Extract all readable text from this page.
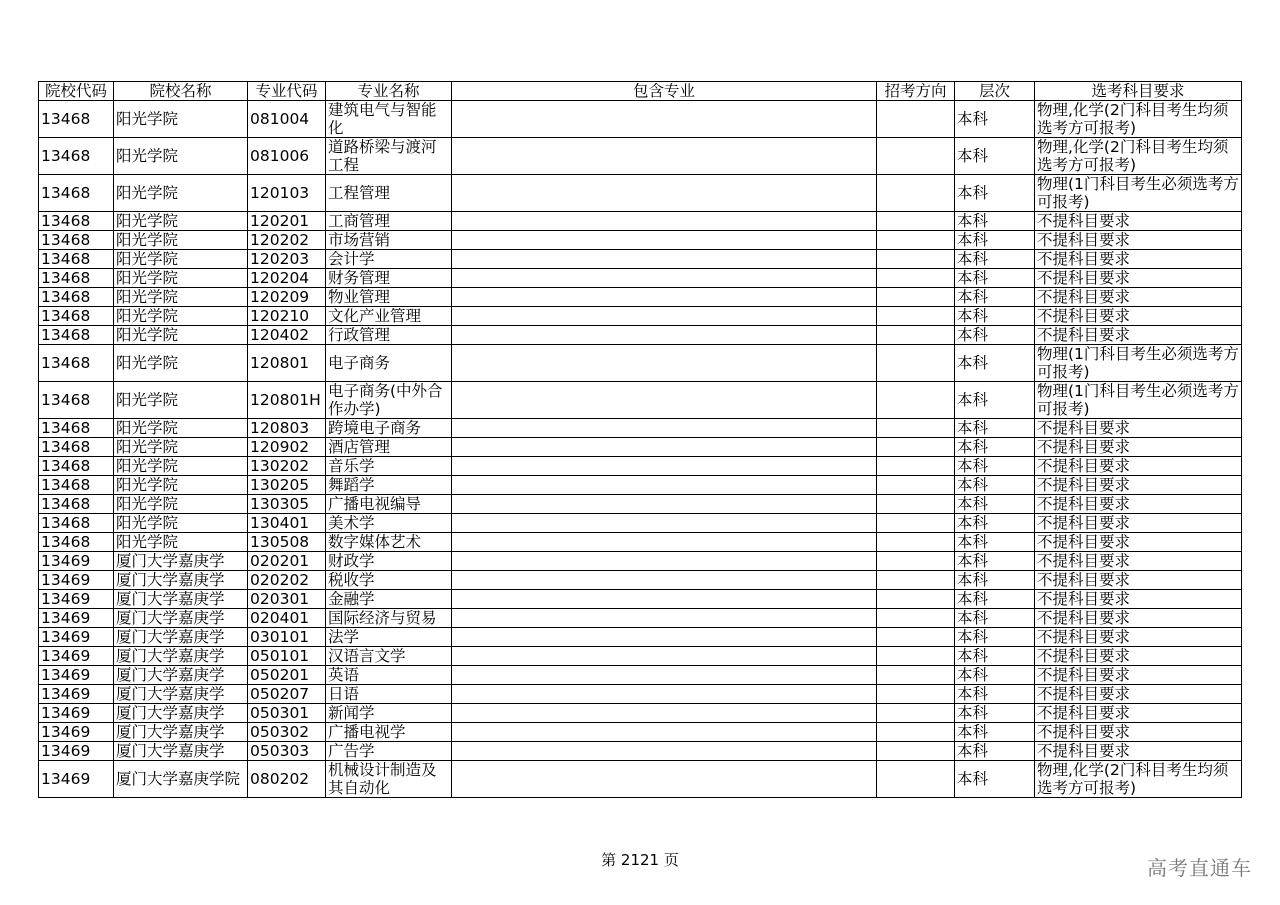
院校代码	院校名称	专业代码	专业名称	包含专业	招考方向	层次	选考科目要求
13468	阳光学院	081004	建筑电气与智能化			本科	物理,化学(2门科目考生均须选考方可报考)
13468	阳光学院	081006	道路桥梁与渡河工程			本科	物理,化学(2门科目考生均须选考方可报考)
13468	阳光学院	120103	工程管理			本科	物理(1门科目考生必须选考方可报考)
13468	阳光学院	120201	工商管理			本科	不提科目要求
13468	阳光学院	120202	市场营销			本科	不提科目要求
13468	阳光学院	120203	会计学			本科	不提科目要求
13468	阳光学院	120204	财务管理			本科	不提科目要求
13468	阳光学院	120209	物业管理			本科	不提科目要求
13468	阳光学院	120210	文化产业管理			本科	不提科目要求
13468	阳光学院	120402	行政管理			本科	不提科目要求
13468	阳光学院	120801	电子商务			本科	物理(1门科目考生必须选考方可报考)
13468	阳光学院	120801H	电子商务(中外合作办学)			本科	物理(1门科目考生必须选考方可报考)
13468	阳光学院	120803	跨境电子商务			本科	不提科目要求
13468	阳光学院	120902	酒店管理			本科	不提科目要求
13468	阳光学院	130202	音乐学			本科	不提科目要求
13468	阳光学院	130205	舞蹈学			本科	不提科目要求
13468	阳光学院	130305	广播电视编导			本科	不提科目要求
13468	阳光学院	130401	美术学			本科	不提科目要求
13468	阳光学院	130508	数字媒体艺术			本科	不提科目要求
13469	厦门大学嘉庚学	020201	财政学			本科	不提科目要求
13469	厦门大学嘉庚学	020202	税收学			本科	不提科目要求
13469	厦门大学嘉庚学	020301	金融学			本科	不提科目要求
13469	厦门大学嘉庚学	020401	国际经济与贸易			本科	不提科目要求
13469	厦门大学嘉庚学	030101	法学			本科	不提科目要求
13469	厦门大学嘉庚学	050101	汉语言文学			本科	不提科目要求
13469	厦门大学嘉庚学	050201	英语			本科	不提科目要求
13469	厦门大学嘉庚学	050207	日语			本科	不提科目要求
13469	厦门大学嘉庚学	050301	新闻学			本科	不提科目要求
13469	厦门大学嘉庚学	050302	广播电视学			本科	不提科目要求
13469	厦门大学嘉庚学	050303	广告学			本科	不提科目要求
13469	厦门大学嘉庚学院	080202	机械设计制造及其自动化			本科	物理,化学(2门科目考生均须选考方可报考)
第 2121 页	高考直通车
